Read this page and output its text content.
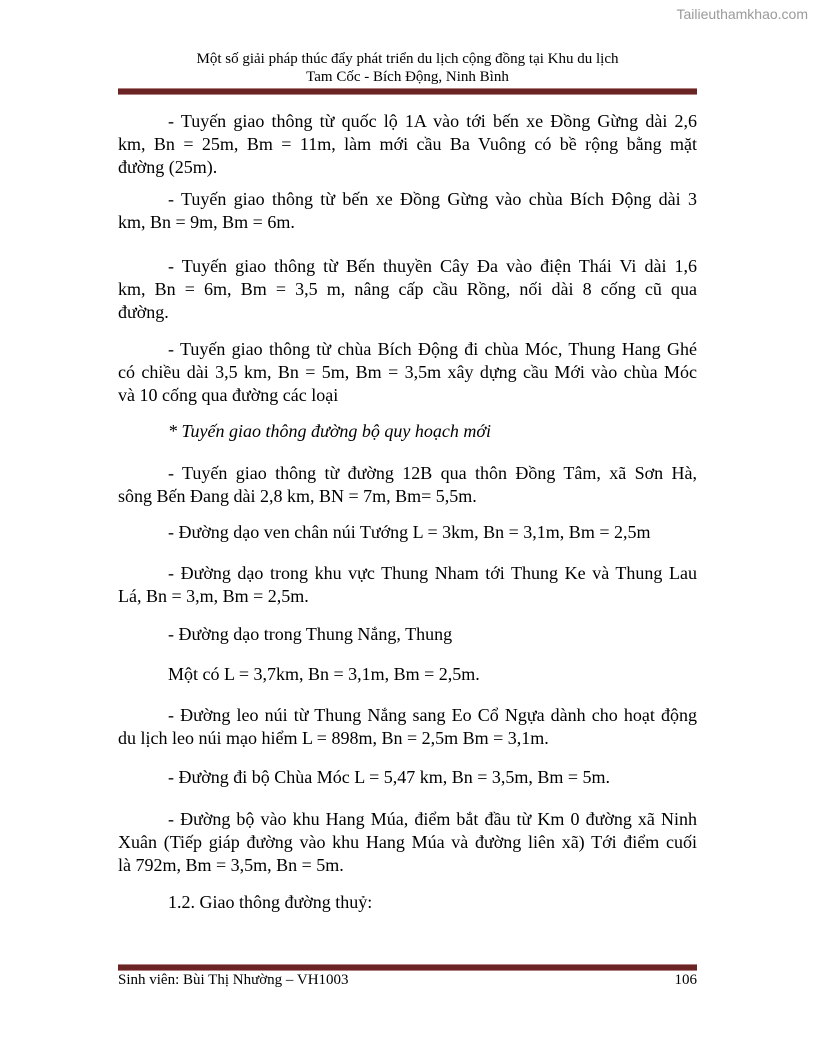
Tailieuthamkhao.com
Một số giải pháp thúc đẩy phát triển du lịch cộng đồng tại Khu du lịch
Tam Cốc - Bích Động, Ninh Bình
- Tuyến giao thông từ quốc lộ 1A vào tới bến xe Đồng Gừng dài 2,6
km, Bn = 25m, Bm = 11m, làm mới cầu Ba Vuông có bề rộng bằng mặt
đường (25m).
- Tuyến giao thông từ bến xe Đồng Gừng vào chùa Bích Động dài 3
km, Bn = 9m, Bm = 6m.
- Tuyến giao thông từ Bến thuyền Cây Đa vào điện Thái Vi dài 1,6
km, Bn = 6m, Bm = 3,5 m, nâng cấp cầu Rồng, nối dài 8 cống cũ qua
đường.
- Tuyến giao thông từ chùa Bích Động đi chùa Móc, Thung Hang Ghé
có chiều dài 3,5 km, Bn = 5m, Bm = 3,5m xây dựng cầu Mới vào chùa Móc
và 10 cống qua đường các loại
* Tuyến giao thông đường bộ quy hoạch mới
- Tuyến giao thông từ đường 12B qua thôn Đồng Tâm, xã Sơn Hà,
sông Bến Đang dài 2,8 km, BN = 7m, Bm= 5,5m.
- Đường dạo ven chân núi Tướng L = 3km, Bn = 3,1m, Bm = 2,5m
- Đường dạo trong khu vực Thung Nham tới Thung Ke và Thung Lau
Lá, Bn = 3,m, Bm = 2,5m.
- Đường dạo trong Thung Nắng, Thung
Một có L = 3,7km, Bn = 3,1m, Bm = 2,5m.
- Đường leo núi từ Thung Nắng sang Eo Cổ Ngựa dành cho hoạt động
du lịch leo núi mạo hiểm L = 898m, Bn = 2,5m Bm = 3,1m.
- Đường đi bộ Chùa Móc L = 5,47 km, Bn = 3,5m, Bm = 5m.
- Đường bộ vào khu Hang Múa, điểm bắt đầu từ Km 0 đường xã Ninh
Xuân (Tiếp giáp đường vào khu Hang Múa và đường liên xã) Tới điểm cuối
là 792m, Bm = 3,5m, Bn = 5m.
1.2. Giao thông đường thuỷ:
Sinh viên: Bùi Thị Nhường – VH1003	106
